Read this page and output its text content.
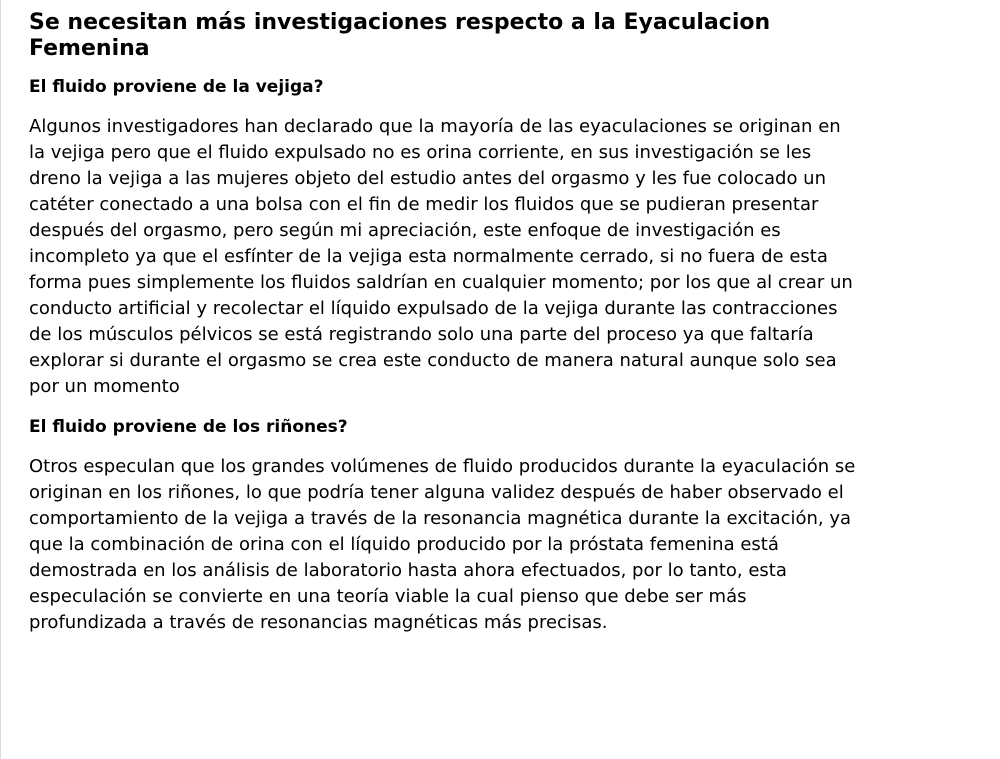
Se necesitan más investigaciones respecto a la Eyaculacion Femenina
El fluido proviene de la vejiga?

Algunos investigadores han declarado que la mayoría de las eyaculaciones se originan en la vejiga pero que el fluido expulsado no es orina corriente, en sus investigación se les dreno la vejiga a las mujeres objeto del estudio antes del orgasmo y les fue colocado un catéter conectado a una bolsa con el fin de medir los fluidos que se pudieran presentar después del orgasmo, pero según mi apreciación, este enfoque de investigación es incompleto ya que el esfínter de la vejiga esta normalmente cerrado, si no fuera de esta forma pues simplemente los fluidos saldrían en cualquier momento; por los que al crear un conducto artificial y recolectar el líquido expulsado de la vejiga durante las contracciones de los músculos pélvicos se está registrando solo una parte del proceso ya que faltaría explorar si durante el orgasmo se crea este conducto de manera natural aunque solo sea por un momento

El fluido proviene de los riñones?

Otros especulan que los grandes volúmenes de fluido producidos durante la eyaculación se originan en los riñones, lo que podría tener alguna validez después de haber observado el comportamiento de la vejiga a través de la resonancia magnética durante la excitación, ya que la combinación de orina con el líquido producido por la próstata femenina está demostrada en los análisis de laboratorio hasta ahora efectuados, por lo tanto, esta especulación se convierte en una teoría viable la cual pienso que debe ser más profundizada a través de resonancias magnéticas más precisas.
